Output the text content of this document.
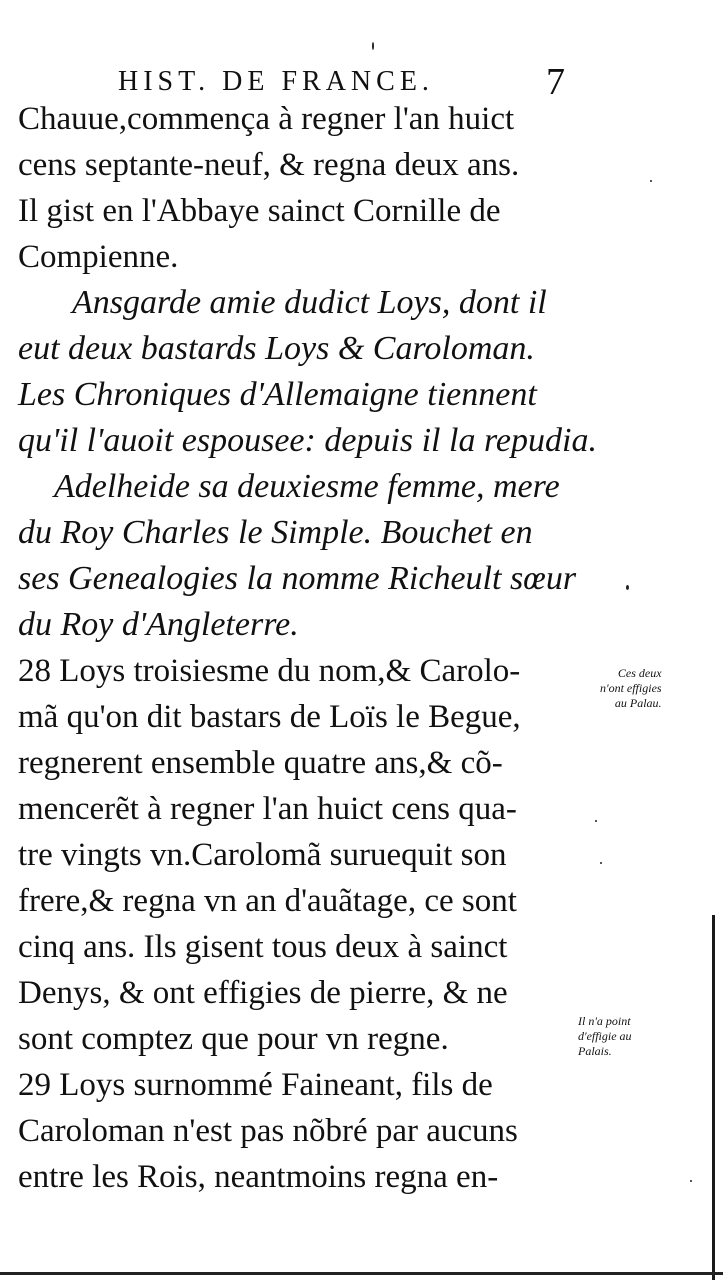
HIST. DE FRANCE.	7
Chauue,commença à regner l'an huict
cens septante-neuf, & regna deux ans.
Il gist en l'Abbaye sainct Cornille de
Compienne.
Ansgarde amie dudict Loys, dont il
eut deux bastards Loys & Caroloman.
Les Chroniques d'Allemaigne tiennent
qu'il l'auoit espousee: depuis il la repudia.
Adelheide sa deuxiesme femme, mere
du Roy Charles le Simple. Bouchet en
ses Genealogies la nomme Richeult sœur
du Roy d'Angleterre.
28 Loys troisiesme du nom,& Carolo-
mã qu'on dit bastars de Loïs le Begue,
regnerent ensemble quatre ans,& cõ-
mencerẽt à regner l'an huict cens qua-
tre vingts vn.Carolomã suruequit son
frere,& regna vn an d'auãtage, ce sont
cinq ans. Ils gisent tous deux à sainct
Denys, & ont effigies de pierre, & ne
sont comptez que pour vn regne.
29 Loys surnommé Faineant, fils de
Caroloman n'est pas nõbré par aucuns
entre les Rois, neantmoins regna en-
Ces deux
n'ont effigies
au Palau.
Il n'a point
d'effigie au
Palais.
